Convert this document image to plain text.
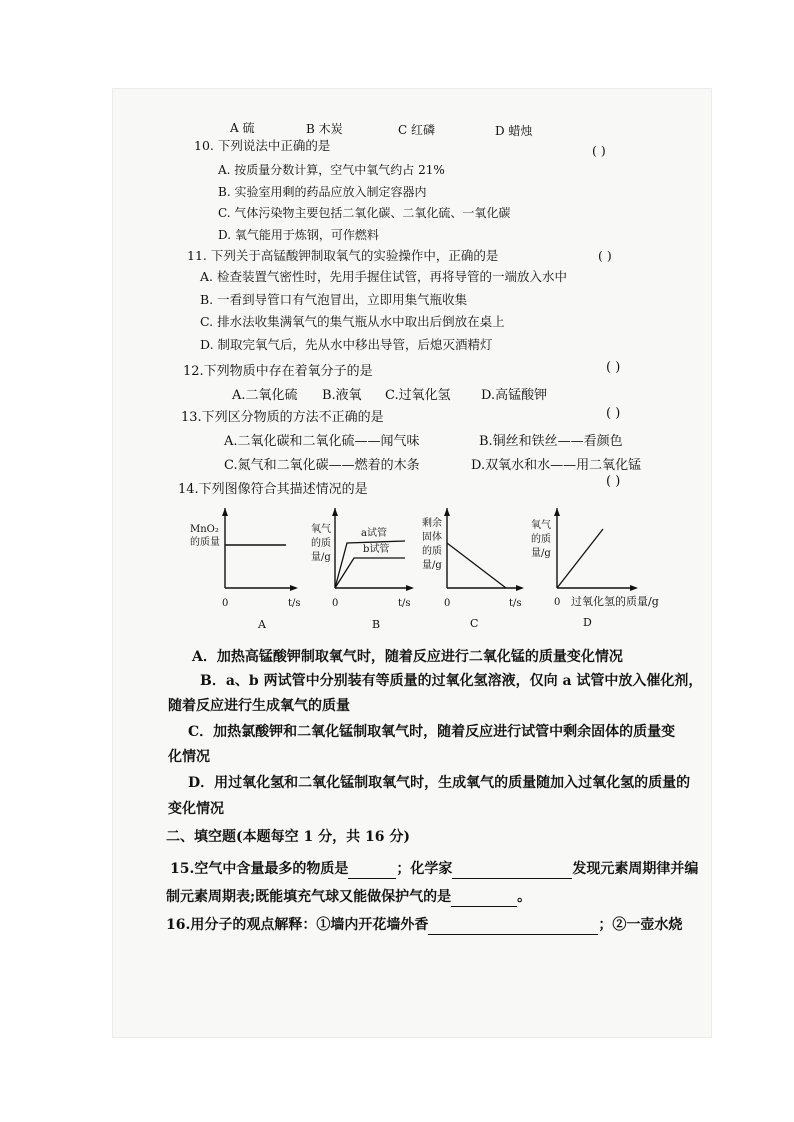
A 硫	B 木炭	C 红磷	D 蜡烛
10. 下列说法中正确的是	( )
A. 按质量分数计算，空气中氧气约占 21%
B. 实验室用剩的药品应放入制定容器内
C. 气体污染物主要包括二氧化碳、二氧化硫、一氧化碳
D. 氧气能用于炼钢，可作燃料
11. 下列关于高锰酸钾制取氧气的实验操作中，正确的是	( )
A. 检查装置气密性时，先用手握住试管，再将导管的一端放入水中
B. 一看到导管口有气泡冒出，立即用集气瓶收集
C. 排水法收集满氧气的集气瓶从水中取出后倒放在桌上
D. 制取完氧气后，先从水中移出导管，后熄灭酒精灯
12.下列物质中存在着氧分子的是	( )
A.二氧化硫 B.液氧 C.过氧化氢 D.高锰酸钾
13.下列区分物质的方法不正确的是	( )
A.二氧化碳和二氧化硫——闻气味	B.铜丝和铁丝——看颜色
C.氮气和二氧化碳——燃着的木条	D.双氧水和水——用二氧化锰
14.下列图像符合其描述情况的是
( )
MnO₂
的质量
0	t/s
A
氧气
的质
量/g
a试管
b试管
0	t/s
B
剩余
固体
的质
量/g
0	t/s
C
氧气
的质
量/g
0 过氧化氢的质量/g
D
A．加热高锰酸钾制取氧气时，随着反应进行二氧化锰的质量变化情况
B．a、b 两试管中分别装有等质量的过氧化氢溶液，仅向 a 试管中放入催化剂，
随着反应进行生成氧气的质量
C．加热氯酸钾和二氧化锰制取氧气时，随着反应进行试管中剩余固体的质量变
化情况
D．用过氧化氢和二氧化锰制取氧气时，生成氧气的质量随加入过氧化氢的质量的
变化情况
二、填空题(本题每空 1 分，共 16 分)
15.空气中含量最多的物质是	；化学家	发现元素周期律并编
制元素周期表;既能填充气球又能做保护气的是	。
16.用分子的观点解释：①墙内开花墙外香	；②一壶水烧
